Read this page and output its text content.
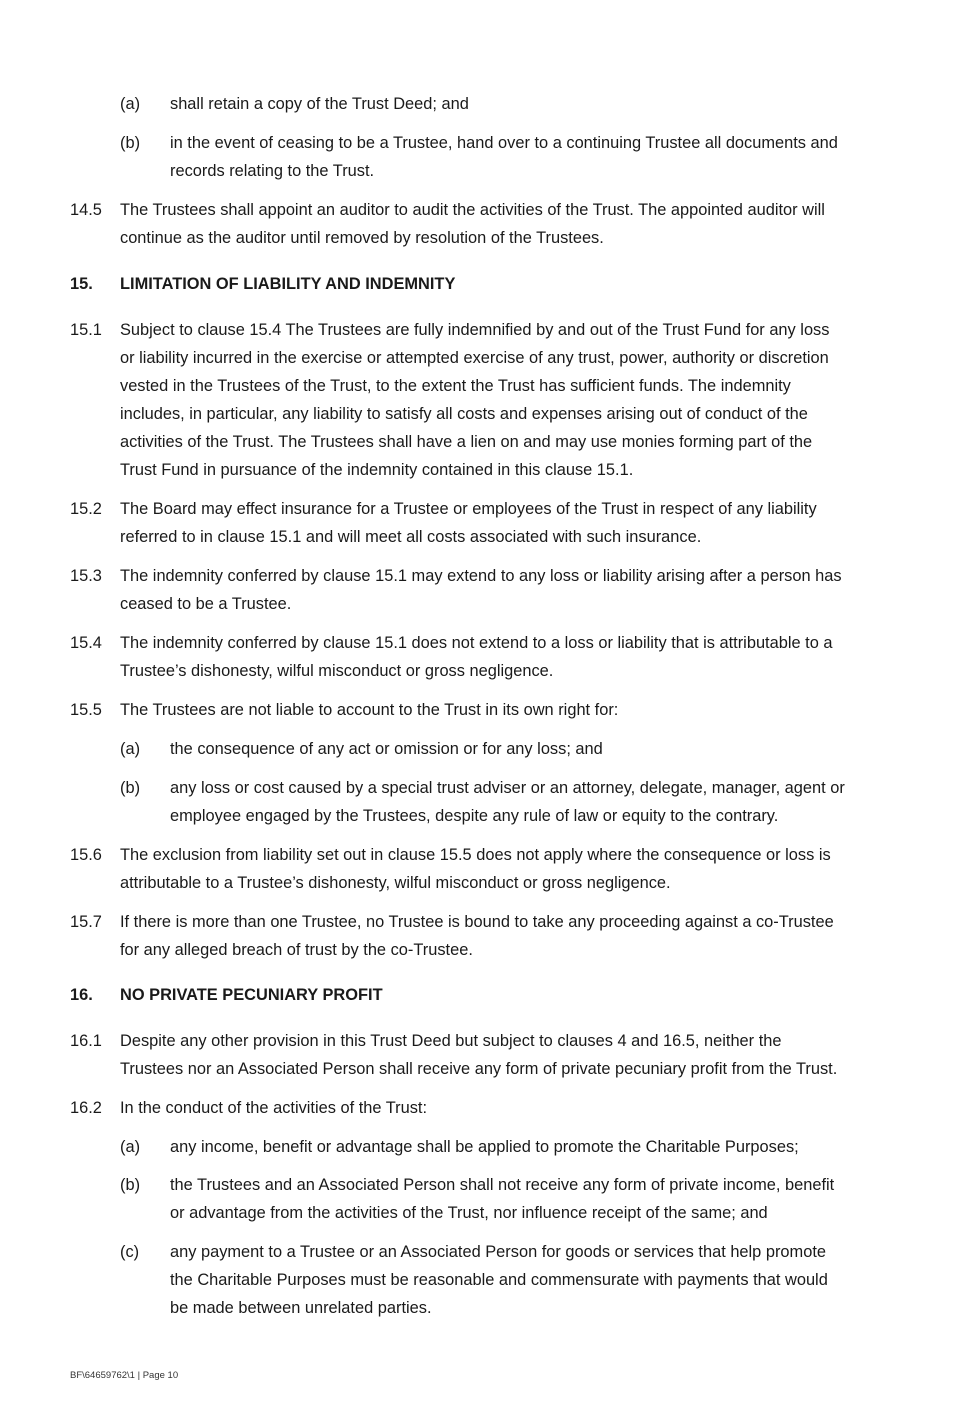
(a) shall retain a copy of the Trust Deed; and
(b) in the event of ceasing to be a Trustee, hand over to a continuing Trustee all documents and
records relating to the Trust.
14.5 The Trustees shall appoint an auditor to audit the activities of the Trust. The appointed auditor will
continue as the auditor until removed by resolution of the Trustees.
15. LIMITATION OF LIABILITY AND INDEMNITY
15.1 Subject to clause 15.4 The Trustees are fully indemnified by and out of the Trust Fund for any loss
or liability incurred in the exercise or attempted exercise of any trust, power, authority or discretion
vested in the Trustees of the Trust, to the extent the Trust has sufficient funds. The indemnity
includes, in particular, any liability to satisfy all costs and expenses arising out of conduct of the
activities of the Trust. The Trustees shall have a lien on and may use monies forming part of the
Trust Fund in pursuance of the indemnity contained in this clause 15.1.
15.2 The Board may effect insurance for a Trustee or employees of the Trust in respect of any liability
referred to in clause 15.1 and will meet all costs associated with such insurance.
15.3 The indemnity conferred by clause 15.1 may extend to any loss or liability arising after a person has
ceased to be a Trustee.
15.4 The indemnity conferred by clause 15.1 does not extend to a loss or liability that is attributable to a
Trustee’s dishonesty, wilful misconduct or gross negligence.
15.5 The Trustees are not liable to account to the Trust in its own right for:
(a) the consequence of any act or omission or for any loss; and
(b) any loss or cost caused by a special trust adviser or an attorney, delegate, manager, agent or
employee engaged by the Trustees, despite any rule of law or equity to the contrary.
15.6 The exclusion from liability set out in clause 15.5 does not apply where the consequence or loss is
attributable to a Trustee’s dishonesty, wilful misconduct or gross negligence.
15.7 If there is more than one Trustee, no Trustee is bound to take any proceeding against a co-Trustee
for any alleged breach of trust by the co-Trustee.
16. NO PRIVATE PECUNIARY PROFIT
16.1 Despite any other provision in this Trust Deed but subject to clauses 4 and 16.5, neither the
Trustees nor an Associated Person shall receive any form of private pecuniary profit from the Trust.
16.2 In the conduct of the activities of the Trust:
(a) any income, benefit or advantage shall be applied to promote the Charitable Purposes;
(b) the Trustees and an Associated Person shall not receive any form of private income, benefit
or advantage from the activities of the Trust, nor influence receipt of the same; and
(c) any payment to a Trustee or an Associated Person for goods or services that help promote
the Charitable Purposes must be reasonable and commensurate with payments that would
be made between unrelated parties.
BF\64659762\1 | Page 10
